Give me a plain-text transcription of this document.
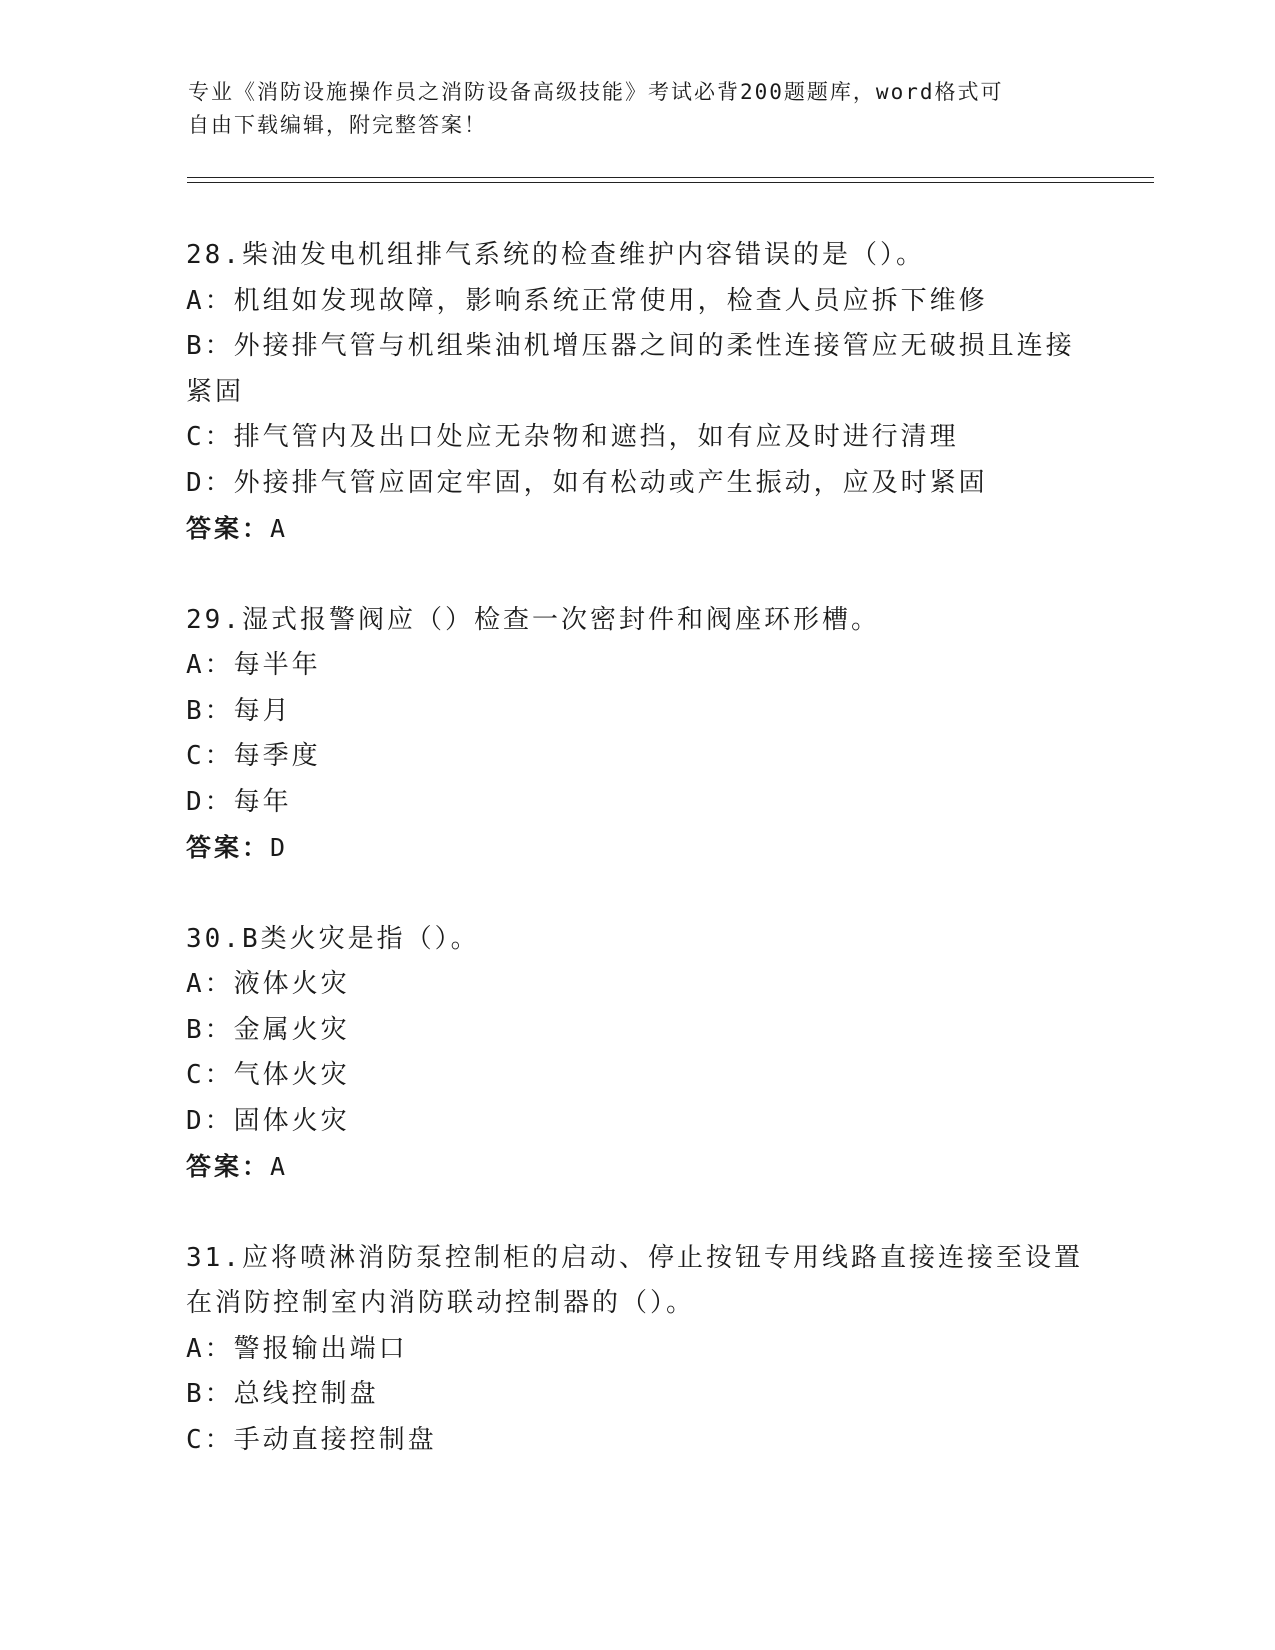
专业《消防设施操作员之消防设备高级技能》考试必背200题题库，word格式可
自由下载编辑，附完整答案！
28.柴油发电机组排气系统的检查维护内容错误的是（）。
A：机组如发现故障，影响系统正常使用，检查人员应拆下维修
B：外接排气管与机组柴油机增压器之间的柔性连接管应无破损且连接
紧固
C：排气管内及出口处应无杂物和遮挡，如有应及时进行清理
D：外接排气管应固定牢固，如有松动或产生振动，应及时紧固
答案：A
29.湿式报警阀应（）检查一次密封件和阀座环形槽。
A：每半年
B：每月
C：每季度
D：每年
答案：D
30.B类火灾是指（）。
A：液体火灾
B：金属火灾
C：气体火灾
D：固体火灾
答案：A
31.应将喷淋消防泵控制柜的启动、停止按钮专用线路直接连接至设置
在消防控制室内消防联动控制器的（）。
A：警报输出端口
B：总线控制盘
C：手动直接控制盘
